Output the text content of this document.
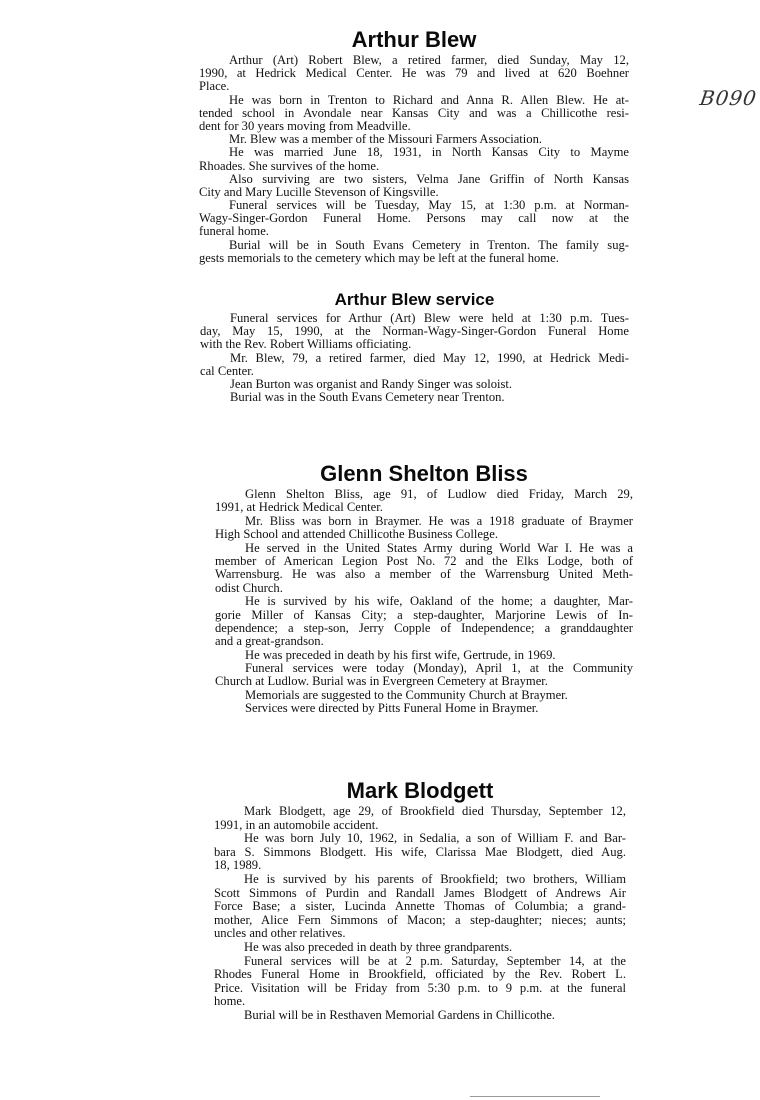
B090
Arthur Blew
Arthur (Art) Robert Blew, a retired farmer, died Sunday, May 12,
1990, at Hedrick Medical Center. He was 79 and lived at 620 Boehner
Place.
He was born in Trenton to Richard and Anna R. Allen Blew. He at-
tended school in Avondale near Kansas City and was a Chillicothe resi-
dent for 30 years moving from Meadville.
Mr. Blew was a member of the Missouri Farmers Association.
He was married June 18, 1931, in North Kansas City to Mayme
Rhoades. She survives of the home.
Also surviving are two sisters, Velma Jane Griffin of North Kansas
City and Mary Lucille Stevenson of Kingsville.
Funeral services will be Tuesday, May 15, at 1:30 p.m. at Norman-
Wagy-Singer-Gordon Funeral Home. Persons may call now at the
funeral home.
Burial will be in South Evans Cemetery in Trenton. The family sug-
gests memorials to the cemetery which may be left at the funeral home.
Arthur Blew service
Funeral services for Arthur (Art) Blew were held at 1:30 p.m. Tues-
day, May 15, 1990, at the Norman-Wagy-Singer-Gordon Funeral Home
with the Rev. Robert Williams officiating.
Mr. Blew, 79, a retired farmer, died May 12, 1990, at Hedrick Medi-
cal Center.
Jean Burton was organist and Randy Singer was soloist.
Burial was in the South Evans Cemetery near Trenton.
Glenn Shelton Bliss
Glenn Shelton Bliss, age 91, of Ludlow died Friday, March 29,
1991, at Hedrick Medical Center.
Mr. Bliss was born in Braymer. He was a 1918 graduate of Braymer
High School and attended Chillicothe Business College.
He served in the United States Army during World War I. He was a
member of American Legion Post No. 72 and the Elks Lodge, both of
Warrensburg. He was also a member of the Warrensburg United Meth-
odist Church.
He is survived by his wife, Oakland of the home; a daughter, Mar-
gorie Miller of Kansas City; a step-daughter, Marjorine Lewis of In-
dependence; a step-son, Jerry Copple of Independence; a granddaughter
and a great-grandson.
He was preceded in death by his first wife, Gertrude, in 1969.
Funeral services were today (Monday), April 1, at the Community
Church at Ludlow. Burial was in Evergreen Cemetery at Braymer.
Memorials are suggested to the Community Church at Braymer.
Services were directed by Pitts Funeral Home in Braymer.
Mark Blodgett
Mark Blodgett, age 29, of Brookfield died Thursday, September 12,
1991, in an automobile accident.
He was born July 10, 1962, in Sedalia, a son of William F. and Bar-
bara S. Simmons Blodgett. His wife, Clarissa Mae Blodgett, died Aug.
18, 1989.
He is survived by his parents of Brookfield; two brothers, William
Scott Simmons of Purdin and Randall James Blodgett of Andrews Air
Force Base; a sister, Lucinda Annette Thomas of Columbia; a grand-
mother, Alice Fern Simmons of Macon; a step-daughter; nieces; aunts;
uncles and other relatives.
He was also preceded in death by three grandparents.
Funeral services will be at 2 p.m. Saturday, September 14, at the
Rhodes Funeral Home in Brookfield, officiated by the Rev. Robert L.
Price. Visitation will be Friday from 5:30 p.m. to 9 p.m. at the funeral
home.
Burial will be in Resthaven Memorial Gardens in Chillicothe.
